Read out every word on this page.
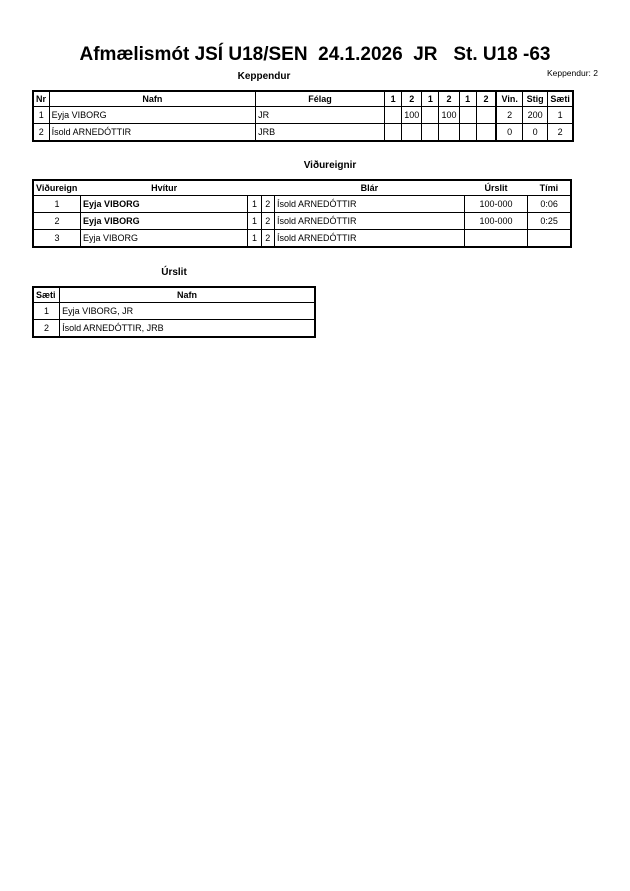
Afmælismót JSÍ U18/SEN  24.1.2026  JR   St. U18 -63
Keppendur	Keppendur: 2
Nr	Nafn	Félag	1	2	1	2	1	2	Vin.	Stig	Sæti
1	Eyja VIBORG	JR		100		100			2	200	1
2	Ísold ARNEDÓTTIR	JRB							0	0	2
Viðureignir
Viðureign	Hvítur			Blár	Úrslit	Tími
1	Eyja VIBORG	1	2	Ísold ARNEDÓTTIR	100-000	0:06
2	Eyja VIBORG	1	2	Ísold ARNEDÓTTIR	100-000	0:25
3	Eyja VIBORG	1	2	Ísold ARNEDÓTTIR		
Úrslit
Sæti	Nafn
1	Eyja VIBORG, JR
2	Ísold ARNEDÓTTIR, JRB
